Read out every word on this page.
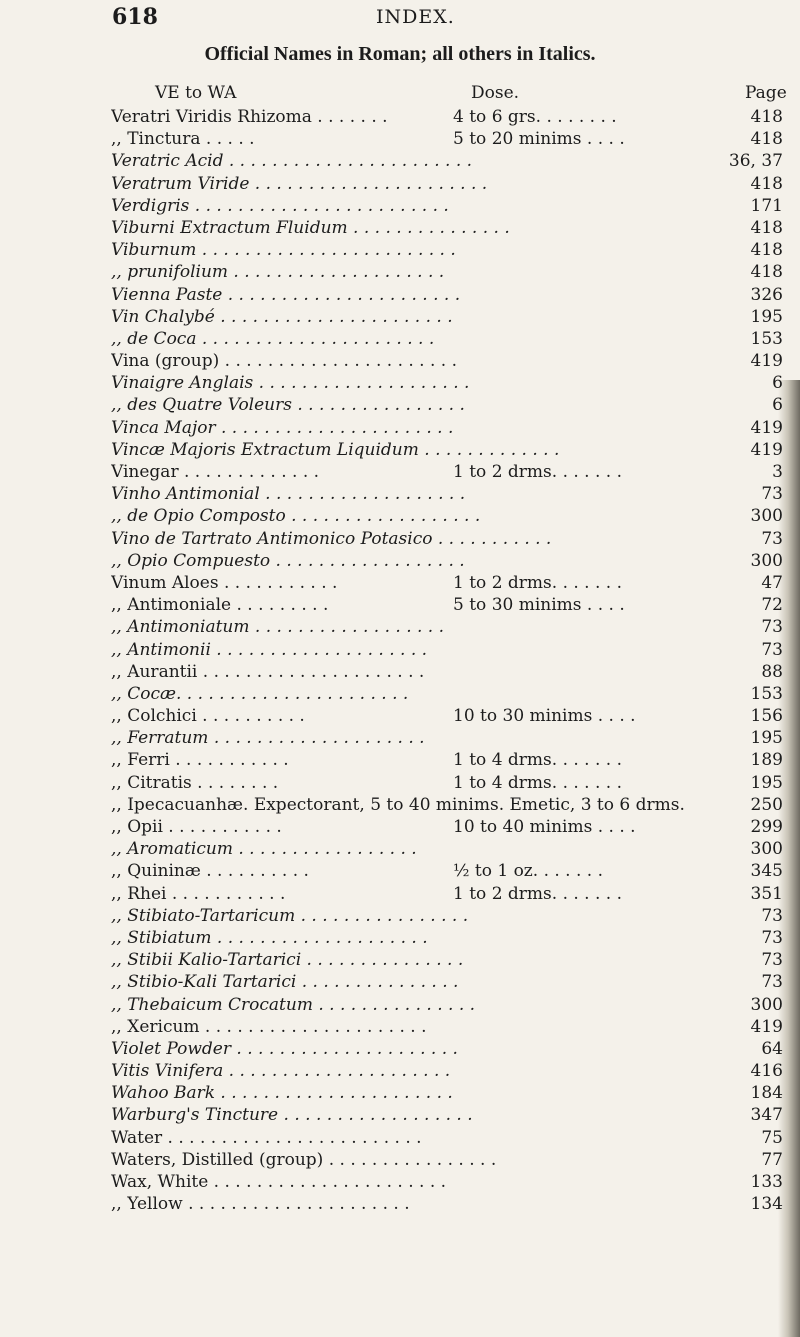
618	INDEX.
Official Names in Roman; all others in Italics.
VE to WA	Dose.	Page
Veratri Viridis Rhizoma . . . . . . .	4 to 6 grs. . . . . . . .	418
,, Tinctura . . . . .	5 to 20 minims . . . .	418
Veratric Acid . . . . . . . . . . . . . . . . . . . . . . .	36, 37
Veratrum Viride . . . . . . . . . . . . . . . . . . . . . .	418
Verdigris . . . . . . . . . . . . . . . . . . . . . . . .	171
Viburni Extractum Fluidum . . . . . . . . . . . . . . .	418
Viburnum . . . . . . . . . . . . . . . . . . . . . . . .	418
,, prunifolium . . . . . . . . . . . . . . . . . . . .	418
Vienna Paste . . . . . . . . . . . . . . . . . . . . . .	326
Vin Chalybé . . . . . . . . . . . . . . . . . . . . . .	195
,, de Coca . . . . . . . . . . . . . . . . . . . . . .	153
Vina (group) . . . . . . . . . . . . . . . . . . . . . .	419
Vinaigre Anglais . . . . . . . . . . . . . . . . . . . .	6
,, des Quatre Voleurs . . . . . . . . . . . . . . . .	6
Vinca Major . . . . . . . . . . . . . . . . . . . . . .	419
Vincæ Majoris Extractum Liquidum . . . . . . . . . . . . .	419
Vinegar . . . . . . . . . . . . .	1 to 2 drms. . . . . . .	3
Vinho Antimonial . . . . . . . . . . . . . . . . . . .	73
,, de Opio Composto . . . . . . . . . . . . . . . . . .	300
Vino de Tartrato Antimonico Potasico . . . . . . . . . . .	73
,, Opio Compuesto . . . . . . . . . . . . . . . . . .	300
Vinum Aloes . . . . . . . . . . .	1 to 2 drms. . . . . . .	47
,, Antimoniale . . . . . . . . .	5 to 30 minims . . . .	72
,, Antimoniatum . . . . . . . . . . . . . . . . . .	73
,, Antimonii . . . . . . . . . . . . . . . . . . . .	73
,, Aurantii . . . . . . . . . . . . . . . . . . . . .	88
,, Cocæ. . . . . . . . . . . . . . . . . . . . . .	153
,, Colchici . . . . . . . . . .	10 to 30 minims . . . .	156
,, Ferratum . . . . . . . . . . . . . . . . . . . .	195
,, Ferri . . . . . . . . . . .	1 to 4 drms. . . . . . .	189
,, Citratis . . . . . . . .	1 to 4 drms. . . . . . .	195
,, Ipecacuanhæ. Expectorant, 5 to 40 minims. Emetic, 3 to 6 drms.	250
,, Opii . . . . . . . . . . .	10 to 40 minims . . . .	299
,, Aromaticum . . . . . . . . . . . . . . . . .	300
,, Quininæ . . . . . . . . . .	½ to 1 oz. . . . . . .	345
,, Rhei . . . . . . . . . . .	1 to 2 drms. . . . . . .	351
,, Stibiato-Tartaricum . . . . . . . . . . . . . . . .	73
,, Stibiatum . . . . . . . . . . . . . . . . . . . .	73
,, Stibii Kalio-Tartarici . . . . . . . . . . . . . . .	73
,, Stibio-Kali Tartarici . . . . . . . . . . . . . . .	73
,, Thebaicum Crocatum . . . . . . . . . . . . . . .	300
,, Xericum . . . . . . . . . . . . . . . . . . . . .	419
Violet Powder . . . . . . . . . . . . . . . . . . . . .	64
Vitis Vinifera . . . . . . . . . . . . . . . . . . . . .	416
Wahoo Bark . . . . . . . . . . . . . . . . . . . . . .	184
Warburg's Tincture . . . . . . . . . . . . . . . . . .	347
Water . . . . . . . . . . . . . . . . . . . . . . . .	75
Waters, Distilled (group) . . . . . . . . . . . . . . . .	77
Wax, White . . . . . . . . . . . . . . . . . . . . . .	133
,, Yellow . . . . . . . . . . . . . . . . . . . . .	134
